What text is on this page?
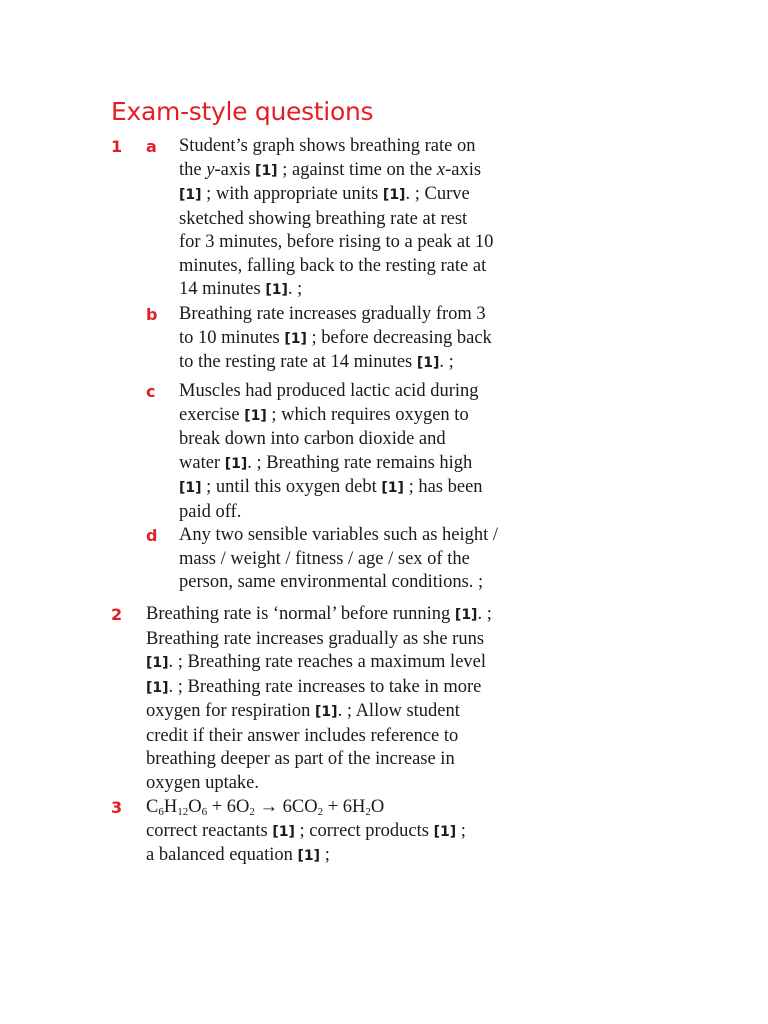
Exam-style questions
1 a Student’s graph shows breathing rate on
the y-axis [1] ; against time on the x-axis
[1] ; with appropriate units [1]. ; Curve
sketched showing breathing rate at rest
for 3 minutes, before rising to a peak at 10
minutes, falling back to the resting rate at
14 minutes [1]. ;
b Breathing rate increases gradually from 3
to 10 minutes [1] ; before decreasing back
to the resting rate at 14 minutes [1]. ;
c Muscles had produced lactic acid during
exercise [1] ; which requires oxygen to
break down into carbon dioxide and
water [1]. ; Breathing rate remains high
[1] ; until this oxygen debt [1] ; has been
paid off.
d Any two sensible variables such as height /
mass / weight / fitness / age / sex of the
person, same environmental conditions. ;
2 Breathing rate is ‘normal’ before running [1]. ;
Breathing rate increases gradually as she runs
[1]. ; Breathing rate reaches a maximum level
[1]. ; Breathing rate increases to take in more
oxygen for respiration [1]. ; Allow student
credit if their answer includes reference to
breathing deeper as part of the increase in
oxygen uptake.
3 $C_6H_{12}O_6 + 6O_2 \to 6CO_2 + 6H_2O$
correct reactants [1] ; correct products [1] ;
a balanced equation [1] ;
